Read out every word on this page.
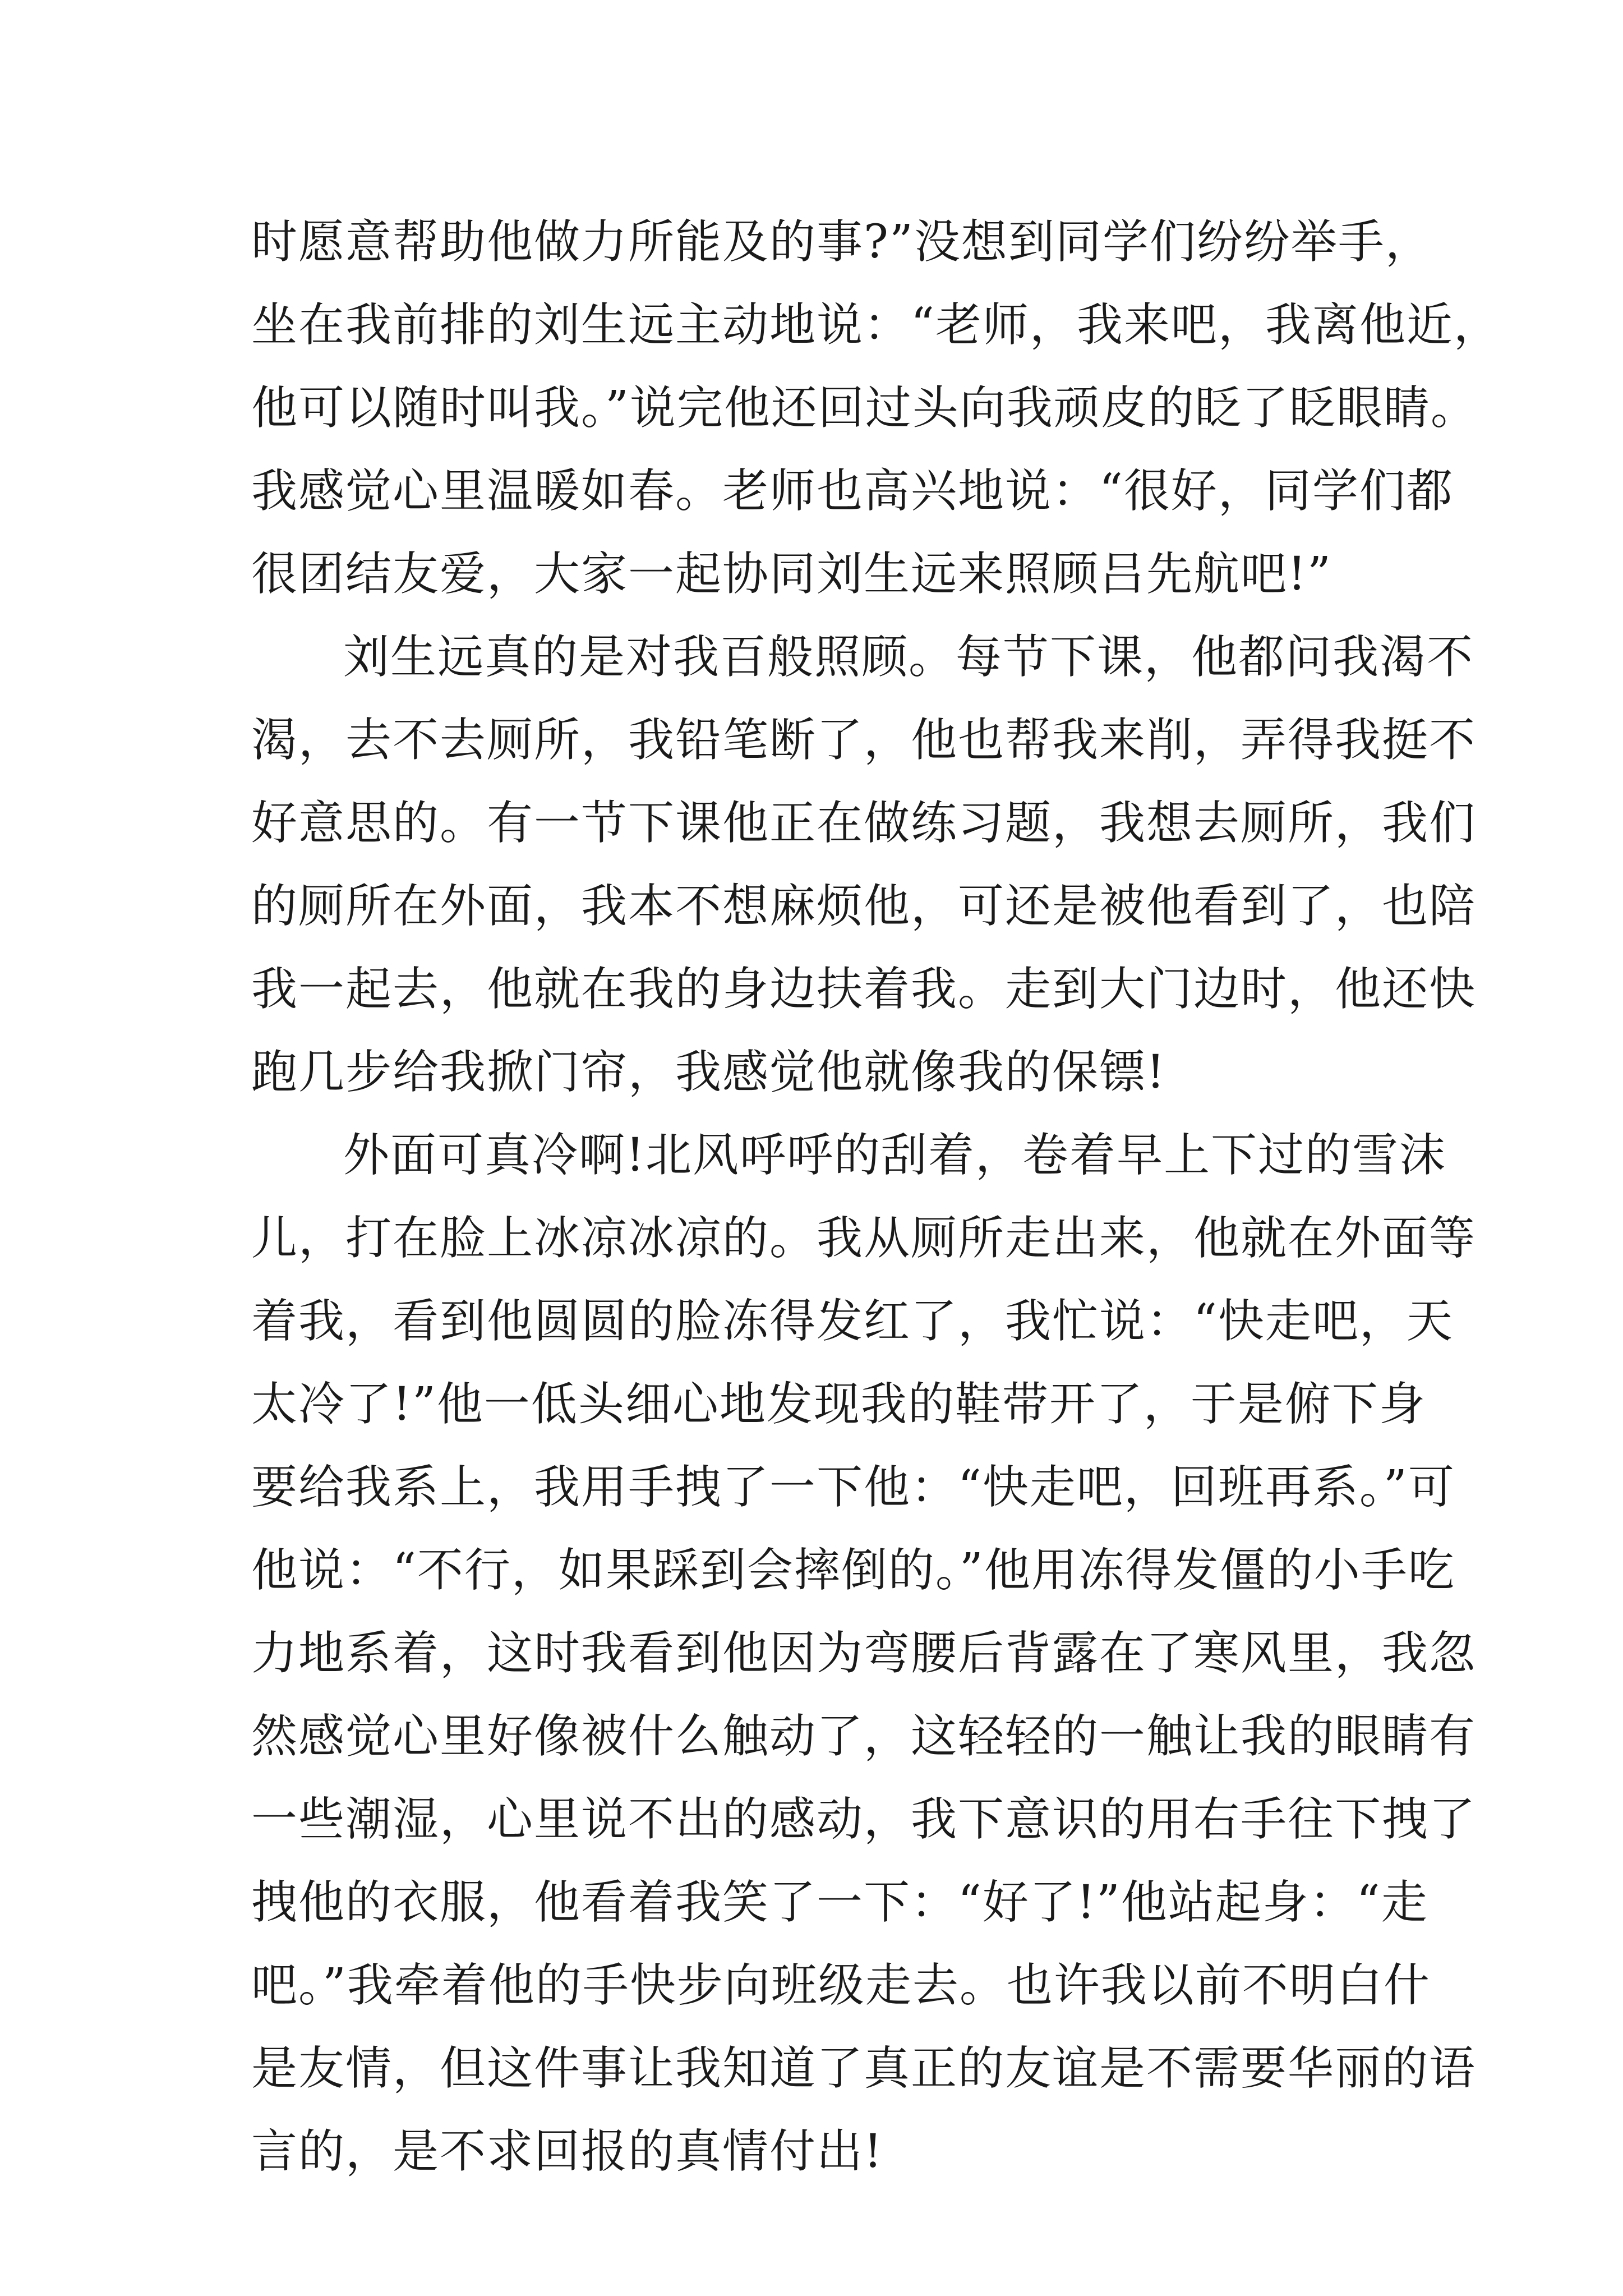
时愿意帮助他做力所能及的事?”没想到同学们纷纷举手，
坐在我前排的刘生远主动地说：“老师，我来吧，我离他近，
他可以随时叫我。”说完他还回过头向我顽皮的眨了眨眼睛。
我感觉心里温暖如春。老师也高兴地说：“很好，同学们都
很团结友爱，大家一起协同刘生远来照顾吕先航吧!”
刘生远真的是对我百般照顾。每节下课，他都问我渴不
渴，去不去厕所，我铅笔断了，他也帮我来削，弄得我挺不
好意思的。有一节下课他正在做练习题，我想去厕所，我们
的厕所在外面，我本不想麻烦他，可还是被他看到了，也陪
我一起去，他就在我的身边扶着我。走到大门边时，他还快
跑几步给我掀门帘，我感觉他就像我的保镖!
外面可真冷啊!北风呼呼的刮着，卷着早上下过的雪沫
儿，打在脸上冰凉冰凉的。我从厕所走出来，他就在外面等
着我，看到他圆圆的脸冻得发红了，我忙说：“快走吧，天
太冷了!”他一低头细心地发现我的鞋带开了，于是俯下身
要给我系上，我用手拽了一下他：“快走吧，回班再系。”可
他说：“不行，如果踩到会摔倒的。”他用冻得发僵的小手吃
力地系着，这时我看到他因为弯腰后背露在了寒风里，我忽
然感觉心里好像被什么触动了，这轻轻的一触让我的眼睛有
一些潮湿，心里说不出的感动，我下意识的用右手往下拽了
拽他的衣服，他看着我笑了一下：“好了!”他站起身：“走
吧。”我牵着他的手快步向班级走去。也许我以前不明白什
是友情，但这件事让我知道了真正的友谊是不需要华丽的语
言的，是不求回报的真情付出!
